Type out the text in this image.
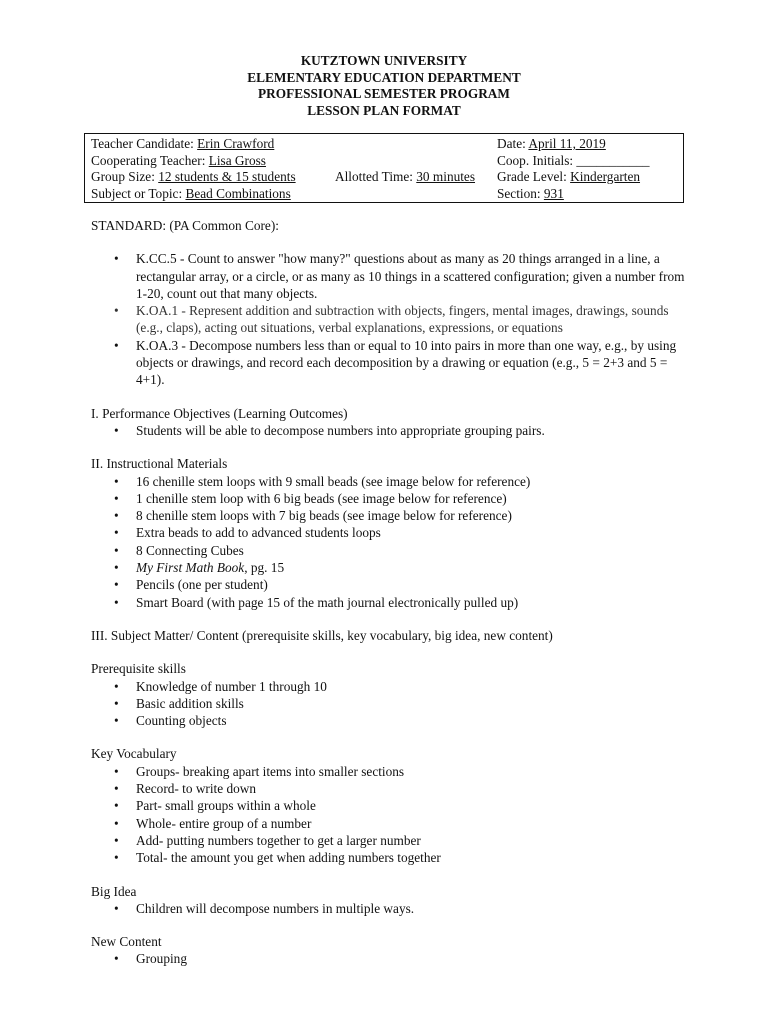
KUTZTOWN UNIVERSITY
ELEMENTARY EDUCATION DEPARTMENT
PROFESSIONAL SEMESTER PROGRAM
LESSON PLAN FORMAT
Teacher Candidate: Erin Crawford
Cooperating Teacher: Lisa Gross
Group Size: 12 students & 15 students
Subject or Topic: Bead Combinations
Allotted Time: 30 minutes
Date: April 11, 2019
Coop. Initials: ___________
Grade Level: Kindergarten
Section: 931
STANDARD: (PA Common Core):
• K.CC.5 - Count to answer "how many?" questions about as many as 20 things arranged in a line, a rectangular array, or a circle, or as many as 10 things in a scattered configuration; given a number from 1-20, count out that many objects.
• K.OA.1 - Represent addition and subtraction with objects, fingers, mental images, drawings, sounds (e.g., claps), acting out situations, verbal explanations, expressions, or equations
• K.OA.3 - Decompose numbers less than or equal to 10 into pairs in more than one way, e.g., by using objects or drawings, and record each decomposition by a drawing or equation (e.g., 5 = 2+3 and 5 = 4+1).
I. Performance Objectives (Learning Outcomes)
• Students will be able to decompose numbers into appropriate grouping pairs.
II. Instructional Materials
• 16 chenille stem loops with 9 small beads (see image below for reference)
• 1 chenille stem loop with 6 big beads (see image below for reference)
• 8 chenille stem loops with 7 big beads (see image below for reference)
• Extra beads to add to advanced students loops
• 8 Connecting Cubes
• My First Math Book, pg. 15
• Pencils (one per student)
• Smart Board (with page 15 of the math journal electronically pulled up)
III. Subject Matter/ Content (prerequisite skills, key vocabulary, big idea, new content)
Prerequisite skills
• Knowledge of number 1 through 10
• Basic addition skills
• Counting objects
Key Vocabulary
• Groups- breaking apart items into smaller sections
• Record- to write down
• Part- small groups within a whole
• Whole- entire group of a number
• Add- putting numbers together to get a larger number
• Total- the amount you get when adding numbers together
Big Idea
• Children will decompose numbers in multiple ways.
New Content
• Grouping
